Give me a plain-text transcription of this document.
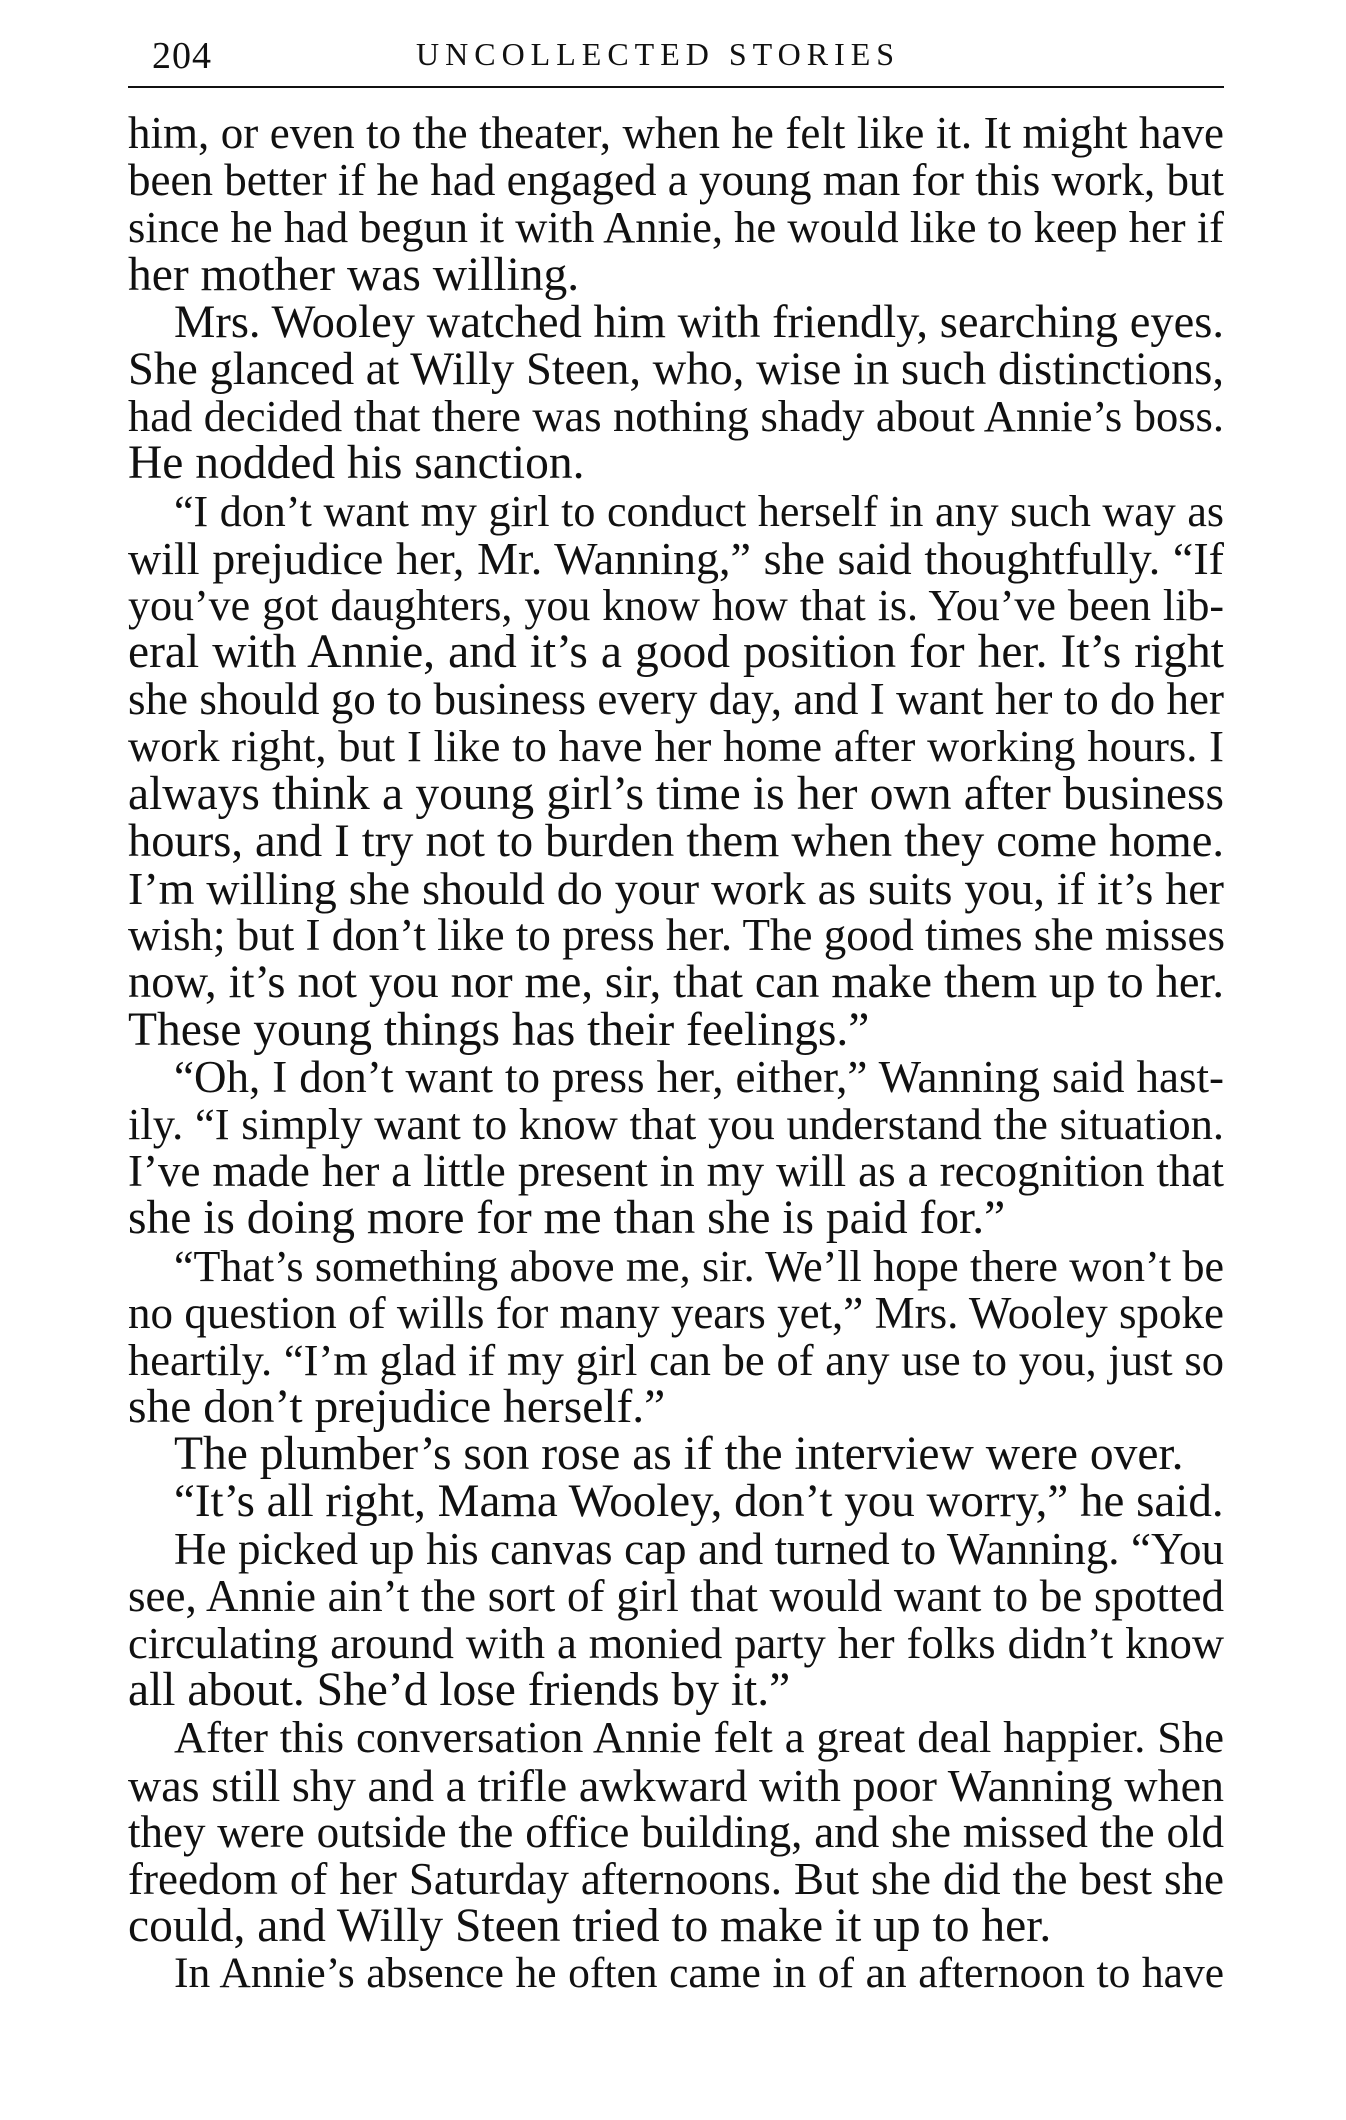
204	UNCOLLECTED STORIES
him, or even to the theater, when he felt like it. It might have
been better if he had engaged a young man for this work, but
since he had begun it with Annie, he would like to keep her if
her mother was willing.
Mrs. Wooley watched him with friendly, searching eyes.
She glanced at Willy Steen, who, wise in such distinctions,
had decided that there was nothing shady about Annie’s boss.
He nodded his sanction.
“I don’t want my girl to conduct herself in any such way as
will prejudice her, Mr. Wanning,” she said thoughtfully. “If
you’ve got daughters, you know how that is. You’ve been lib-
eral with Annie, and it’s a good position for her. It’s right
she should go to business every day, and I want her to do her
work right, but I like to have her home after working hours. I
always think a young girl’s time is her own after business
hours, and I try not to burden them when they come home.
I’m willing she should do your work as suits you, if it’s her
wish; but I don’t like to press her. The good times she misses
now, it’s not you nor me, sir, that can make them up to her.
These young things has their feelings.”
“Oh, I don’t want to press her, either,” Wanning said hast-
ily. “I simply want to know that you understand the situation.
I’ve made her a little present in my will as a recognition that
she is doing more for me than she is paid for.”
“That’s something above me, sir. We’ll hope there won’t be
no question of wills for many years yet,” Mrs. Wooley spoke
heartily. “I’m glad if my girl can be of any use to you, just so
she don’t prejudice herself.”
The plumber’s son rose as if the interview were over.
“It’s all right, Mama Wooley, don’t you worry,” he said.
He picked up his canvas cap and turned to Wanning. “You
see, Annie ain’t the sort of girl that would want to be spotted
circulating around with a monied party her folks didn’t know
all about. She’d lose friends by it.”
After this conversation Annie felt a great deal happier. She
was still shy and a trifle awkward with poor Wanning when
they were outside the office building, and she missed the old
freedom of her Saturday afternoons. But she did the best she
could, and Willy Steen tried to make it up to her.
In Annie’s absence he often came in of an afternoon to have
